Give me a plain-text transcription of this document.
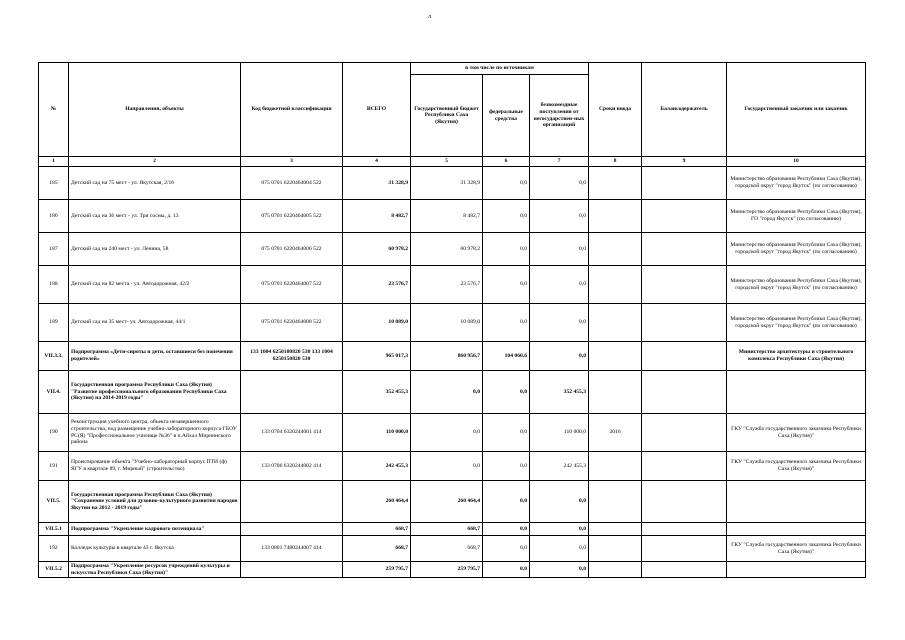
л
№	Направления, объекты	Код бюджетной классификации	ВСЕГО	в том числе по источникам			Сроки ввода	Балансодержатель	Государственный заказчик или заказчик
				Государственный бюджет Республики Саха (Якутия)	федеральные средства	безвозмездные поступления от негосударствен-ных организаций			
1	2	3	4	5	6	7	8	9	10
185	Детский сад на 75 мест - ул. Якутская, 2/16	075 0701 6220464004 522	31 328,9	31 328,9	0,0	0,0			Министерство образования Республики Саха (Якутия), городской округ "город Якутск" (по согласованию)
186	Детский сад на 36 мест - ул. Три сосны, д. 13	075 0701 6220464005 522	8 482,7	8 482,7	0,0	0,0			Министерство образования Республики Саха (Якутия), ГО "город Якутск" (по согласованию)
187	Детский сад на 240 мест - ул. Ленина, 58	075 0701 6220464006 522	60 978,2	60 978,2	0,0	0,0			Министерство образования Республики Саха (Якутия), городской округ "город Якутск" (по согласованию)
188	Детский сад на 82 места - ул. Автодорожная, 42/2	075 0701 6220464007 522	23 576,7	23 576,7	0,0	0,0			Министерство образования Республики Саха (Якутия), городской округ "город Якутск" (по согласованию)
189	Детский сад на 35 мест- ул. Автодорожная, 44/1	075 0701 6220464008 522	10 089,0	10 089,0	0,0	0,0			Министерство образования Республики Саха (Якутия), городской округ "город Якутск" (по согласованию)
VII.3.3.	Подпрограмма «Дети-сироты и дети, оставшиеся без попечения родителей»	133 1004 6250180820 530 133 1004 6250150820 530	965 017,3	860 956,7	104 060,6	0,0			Министерство архитектуры и строительного комплекса Республики Саха (Якутия)
VII.4.	Государственная программа Республики Саха (Якутия) "Развитие профессионального образования Республики Саха (Якутия) на 2014-2019 годы"		352 455,3	0,0	0,0	352 455,3			
190	Реконструкция учебного центра, объекта незавершенного строительства, под размещение учебно-лабораторного корпуса ГБОУ РС(Я) "Профессиональное училище №36" в п.Айхал Мирнинского района	133 0704 6320244001 414	110 000,0	0,0	0,0	110 000,0	2016		ГКУ "Служба государственного заказчика Республики Саха (Якутия)"
191	Проектирование объекта "Учебно-лабораторный корпус ПТИ (ф) ЯГУ в квартале 89, г. Мирный" (строительство)	133 0706 6320244002 414	242 455,3	0,0	0,0	242 455,3			ГКУ "Служба государственного заказчика Республики Саха (Якутия)"
VII.5.	Государственная программа Республики Саха (Якутия) "Сохранение условий для духовно-культурного развития народов Якутии на 2012 - 2019 годы"		260 464,4	260 464,4	0,0	0,0			
VII.5.1	Подпрограмма "Укрепление кадрового потенциала"		668,7	668,7	0,0	0,0			
192	Колледж культуры в квартале 43 г. Якутска	133 0801 7480244007 414	668,7	668,7	0,0	0,0			ГКУ "Служба государственного заказчика Республики Саха (Якутия)"
VII.5.2	Подпрограмма "Укрепление ресурсов учреждений культуры и искусства Республики Саха (Якутия)"		259 795,7	259 795,7	0,0	0,0			
